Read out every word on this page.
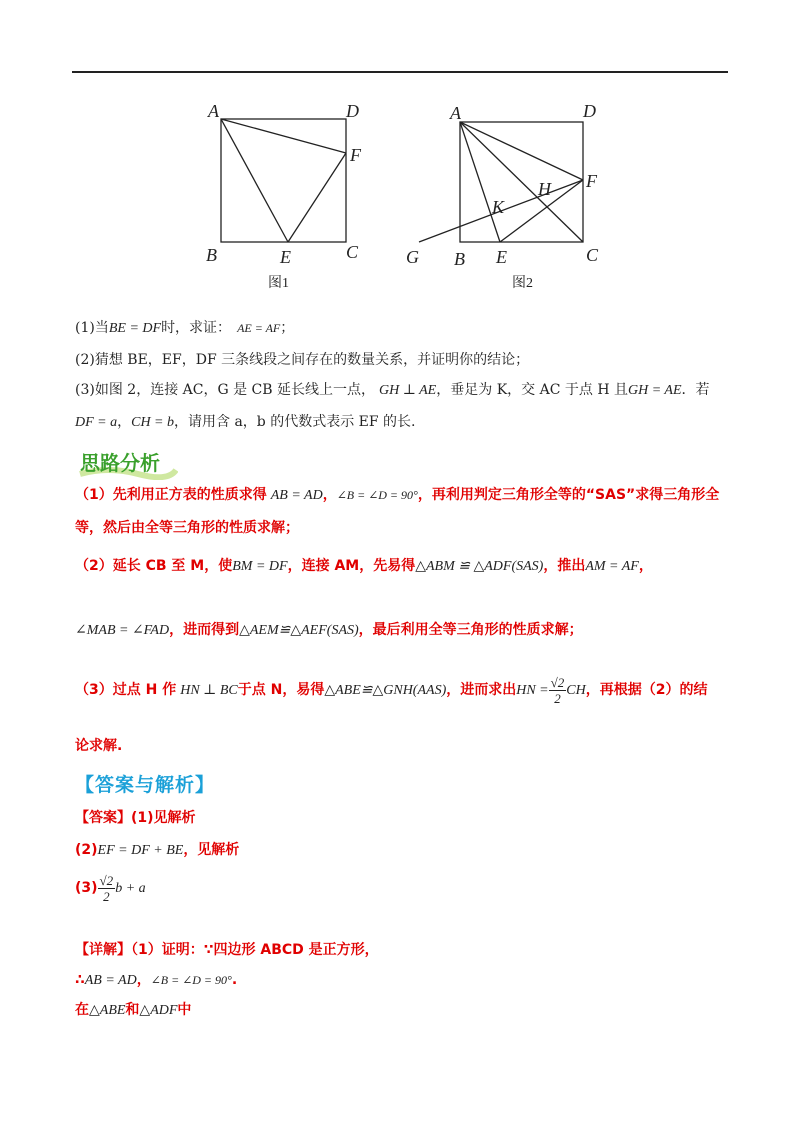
A	D
F
B	E	C
图1
A	D
F
H
K
G B E	C
图2
(1)当BE = DF时，求证： AE = AF；
(2)猜想 BE，EF，DF 三条线段之间存在的数量关系，并证明你的结论；
(3)如图 2，连接 AC，G 是 CB 延长线上一点， GH ⊥ AE，垂足为 K，交 AC 于点 H 且GH = AE．若
DF = a，CH = b，请用含 a，b 的代数式表示 EF 的长.
思路分析
（1）先利用正方表的性质求得 AB = AD，∠B = ∠D = 90°，再利用判定三角形全等的“SAS”求得三角形全
等，然后由全等三角形的性质求解；
（2）延长 CB 至 M，使BM = DF，连接 AM，先易得△ABM ≌ △ADF(SAS)，推出AM = AF，
∠MAB = ∠FAD，进而得到△AEM≌△AEF(SAS)，最后利用全等三角形的性质求解；
（3）过点 H 作 HN ⊥ BC于点 N，易得△ABE≌△GNH(AAS)，进而求出HN = $\frac{√2}{2}$ CH，再根据（2）的结
论求解.
【答案与解析】
【答案】(1)见解析
(2)EF = DF + BE，见解析
$(3) \frac{√2}{2}$ b + a
【详解】（1）证明：∵四边形 ABCD 是正方形，
∴AB = AD，∠B = ∠D = 90°.
在△ABE和△ADF中
